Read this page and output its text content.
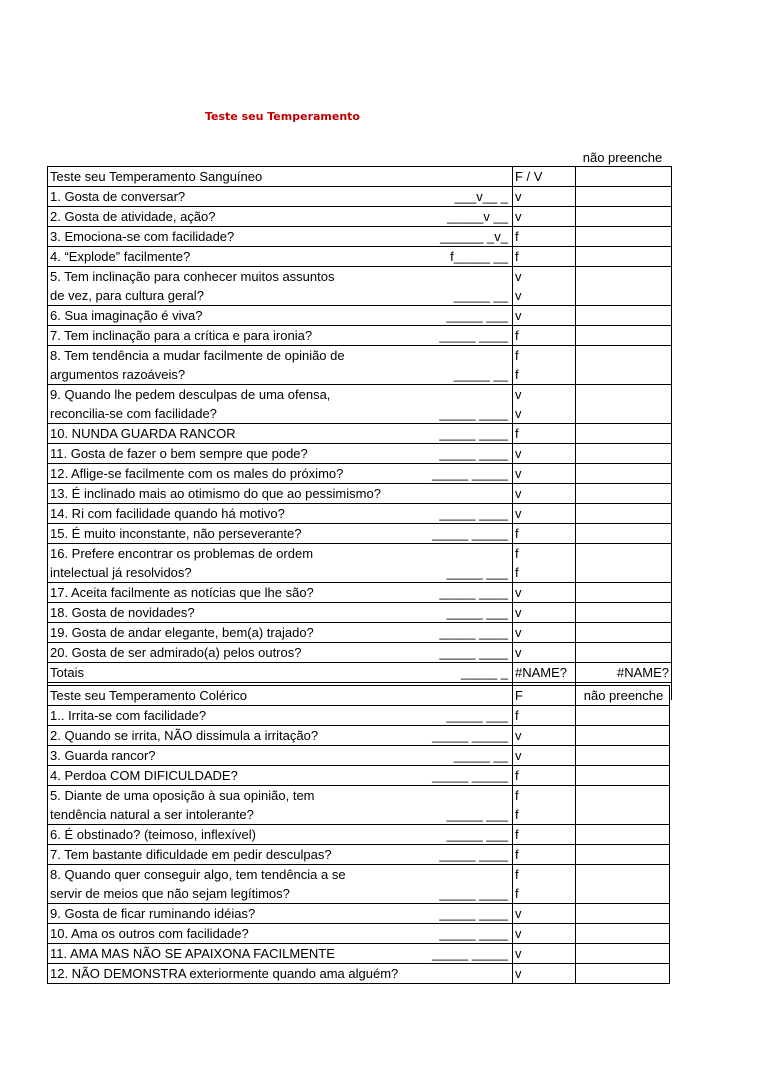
Teste seu Temperamento
não preenche
Teste seu Temperamento Sanguíneo	F / V	
1. Gosta de conversar? ___v__ _	v	
2. Gosta de atividade, ação? _____v __	v	
3. Emociona-se com facilidade? ______ _v_	f	
4. “Explode” facilmente? f_____ __	f	
5. Tem inclinação para conhecer muitos assuntos	v	
de vez, para cultura geral? _____ __	v	
6. Sua imaginação é viva? _____ ___	v	
7. Tem inclinação para a crítica e para ironia? _____ ____	f	
8. Tem tendência a mudar facilmente de opinião de	f	
argumentos razoáveis? _____ __	f	
9. Quando lhe pedem desculpas de uma ofensa,	v	
reconcilia-se com facilidade? _____ ____	v	
10. NUNDA GUARDA RANCOR _____ ____	f	
11. Gosta de fazer o bem sempre que pode? _____ ____	v	
12. Aflige-se facilmente com os males do próximo? _____ _____	v	
13. É inclinado mais ao otimismo do que ao pessimismo?	v	
14. Ri com facilidade quando há motivo? _____ ____	v	
15. É muito inconstante, não perseverante? _____ _____	f	
16. Prefere encontrar os problemas de ordem	f	
intelectual já resolvidos? _____ ___	f	
17. Aceita facilmente as notícias que lhe são? _____ ____	v	
18. Gosta de novidades? _____ ___	v	
19. Gosta de andar elegante, bem(a) trajado? _____ ____	v	
20. Gosta de ser admirado(a) pelos outros? _____ ____	v	
Totais _____ _	#NAME?	#NAME?

Teste seu Temperamento Colérico	F	não preenche
1.. Irrita-se com facilidade? _____ ___	f	
2. Quando se irrita, NÃO dissimula a irritação? _____ _____	v	
3. Guarda rancor? _____ __	v	
4. Perdoa COM DIFICULDADE? _____ _____	f	
5. Diante de uma oposição à sua opinião, tem	f	
tendência natural a ser intolerante? _____ ___	f	
6. É obstinado? (teimoso, inflexível) _____ ___	f	
7. Tem bastante dificuldade em pedir desculpas? _____ ____	f	
8. Quando quer conseguir algo, tem tendência a se	f	
servir de meios que não sejam legítimos? _____ ____	f	
9. Gosta de ficar ruminando idéias? _____ ____	v	
10. Ama os outros com facilidade? _____ ____	v	
11. AMA MAS NÃO SE APAIXONA FACILMENTE _____ _____	v	
12. NÃO DEMONSTRA exteriormente quando ama alguém?	v	
